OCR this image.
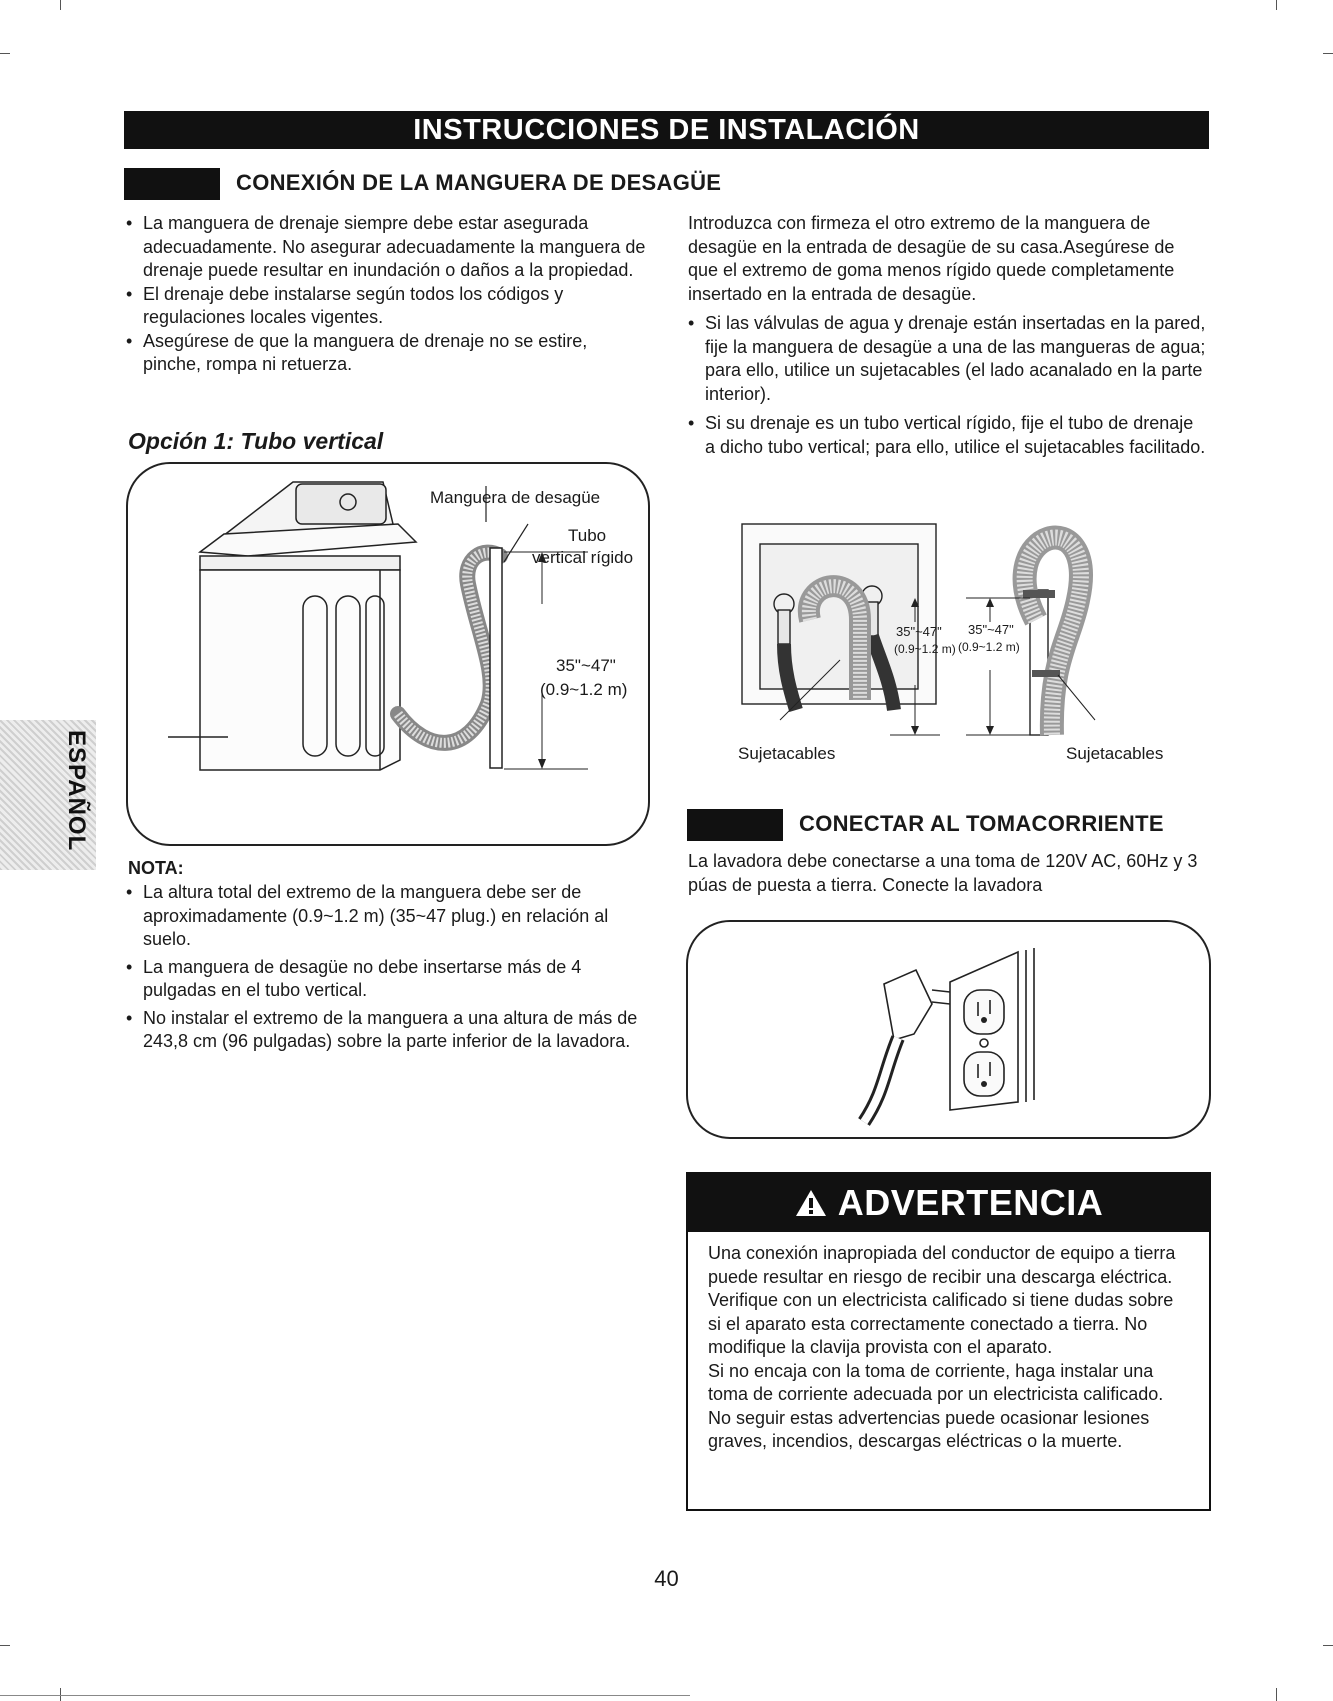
INSTRUCCIONES DE INSTALACIÓN
CONEXIÓN DE LA MANGUERA DE DESAGÜE
• La manguera de drenaje siempre debe estar asegurada adecuadamente. No asegurar adecuadamente la manguera de drenaje puede resultar en inundación o daños a la propiedad.
• El drenaje debe instalarse según todos los códigos y regulaciones locales vigentes.
• Asegúrese de que la manguera de drenaje no se estire, pinche, rompa ni retuerza.
Opción 1: Tubo vertical
Manguera de desagüe
Tubo
vertical rígido
35"~47"
(0.9~1.2 m)
NOTA:
• La altura total del extremo de la manguera debe ser de aproximadamente (0.9~1.2 m) (35~47 plug.) en relación al suelo.
• La manguera de desagüe no debe insertarse más de 4 pulgadas en el tubo vertical.
• No instalar el extremo de la manguera a una altura de más de 243,8 cm (96 pulgadas) sobre la parte inferior de la lavadora.
Introduzca con firmeza el otro extremo de la manguera de desagüe en la entrada de desagüe de su casa.Asegúrese de que el extremo de goma menos rígido quede completamente insertado en la entrada de desagüe.
• Si las válvulas de agua y drenaje están insertadas en la pared, fije la manguera de desagüe a una de las mangueras de agua; para ello, utilice un sujetacables (el lado acanalado en la parte interior).
• Si su drenaje es un tubo vertical rígido, fije el tubo de drenaje a dicho tubo vertical; para ello, utilice el sujetacables facilitado.
35"~47"
(0.9~1.2 m)
35"~47"
(0.9~1.2 m)
Sujetacables	Sujetacables
CONECTAR AL TOMACORRIENTE
La lavadora debe conectarse a una toma de 120V AC, 60Hz y 3 púas de puesta a tierra. Conecte la lavadora
ADVERTENCIA

Una conexión inapropiada del conductor de equipo a tierra puede resultar en riesgo de recibir una descarga eléctrica. Verifique con un electricista calificado si tiene dudas sobre si el aparato esta correctamente conectado a tierra. No modifique la clavija provista con el aparato.

Si no encaja con la toma de corriente, haga instalar una toma de corriente adecuada por un electricista calificado. No seguir estas advertencias puede ocasionar lesiones graves, incendios, descargas eléctricas o la muerte.

ESPAÑOL
40
